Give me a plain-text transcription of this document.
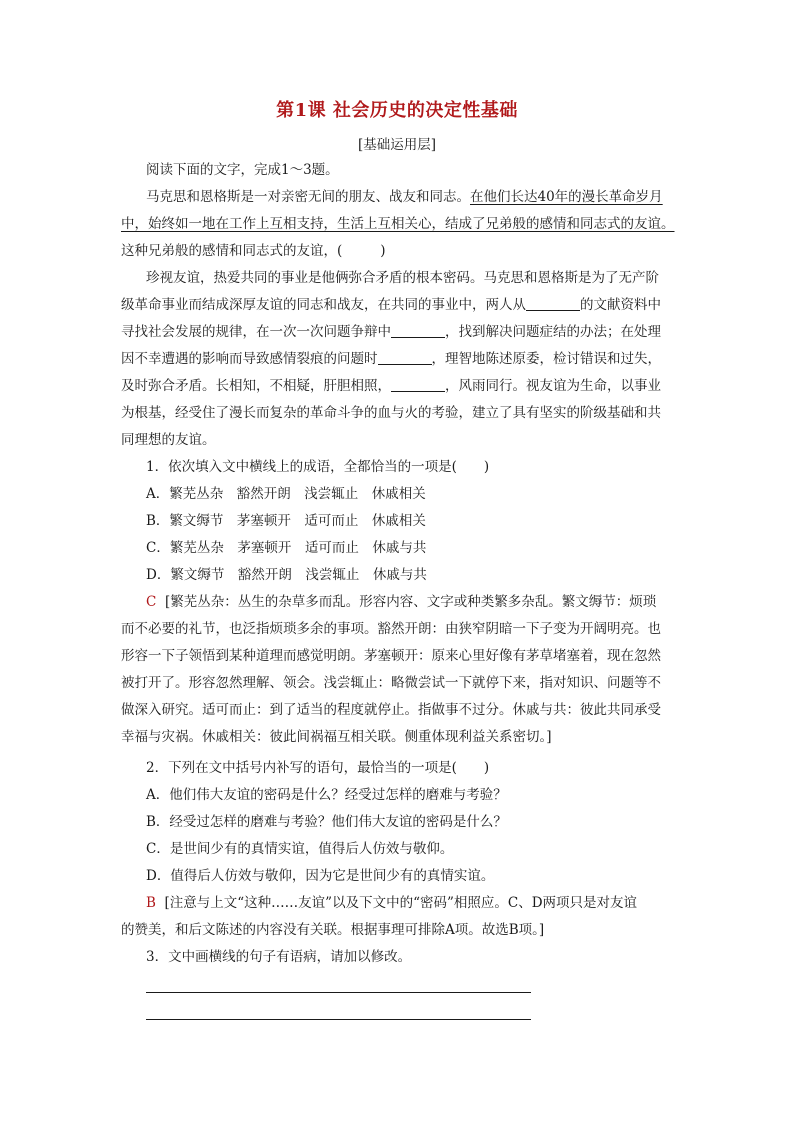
第1课 社会历史的决定性基础
[基础运用层]
阅读下面的文字，完成1～3题。
马克思和恩格斯是一对亲密无间的朋友、战友和同志。在他们长达40年的漫长革命岁月
中，始终如一地在工作上互相支持，生活上互相关心，结成了兄弟般的感情和同志式的友谊。
这种兄弟般的感情和同志式的友谊，(	)
珍视友谊，热爱共同的事业是他俩弥合矛盾的根本密码。马克思和恩格斯是为了无产阶
级革命事业而结成深厚友谊的同志和战友，在共同的事业中，两人从	的文献资料中
寻找社会发展的规律，在一次一次问题争辩中	，找到解决问题症结的办法；在处理
因不幸遭遇的影响而导致感情裂痕的问题时	，理智地陈述原委，检讨错误和过失，
及时弥合矛盾。长相知，不相疑，肝胆相照，	，风雨同行。视友谊为生命，以事业
为根基，经受住了漫长而复杂的革命斗争的血与火的考验，建立了具有坚实的阶级基础和共
同理想的友谊。
1．依次填入文中横线上的成语，全都恰当的一项是(　　)
A．繁芜丛杂　豁然开朗　浅尝辄止　休戚相关
B．繁文缛节　茅塞顿开　适可而止　休戚相关
C．繁芜丛杂　茅塞顿开　适可而止　休戚与共
D．繁文缛节　豁然开朗　浅尝辄止　休戚与共
C [繁芜丛杂：丛生的杂草多而乱。形容内容、文字或种类繁多杂乱。繁文缛节：烦琐
而不必要的礼节，也泛指烦琐多余的事项。豁然开朗：由狭窄阴暗一下子变为开阔明亮。也
形容一下子领悟到某种道理而感觉明朗。茅塞顿开：原来心里好像有茅草堵塞着，现在忽然
被打开了。形容忽然理解、领会。浅尝辄止：略微尝试一下就停下来，指对知识、问题等不
做深入研究。适可而止：到了适当的程度就停止。指做事不过分。休戚与共：彼此共同承受
幸福与灾祸。休戚相关：彼此间祸福互相关联。侧重体现利益关系密切。]
2．下列在文中括号内补写的语句，最恰当的一项是(　　)
A．他们伟大友谊的密码是什么？经受过怎样的磨难与考验？
B．经受过怎样的磨难与考验？他们伟大友谊的密码是什么？
C．是世间少有的真情实谊，值得后人仿效与敬仰。
D．值得后人仿效与敬仰，因为它是世间少有的真情实谊。
B [注意与上文“这种……友谊”以及下文中的“密码”相照应。C、D两项只是对友谊
的赞美，和后文陈述的内容没有关联。根据事理可排除A项。故选B项。]
3．文中画横线的句子有语病，请加以修改。
